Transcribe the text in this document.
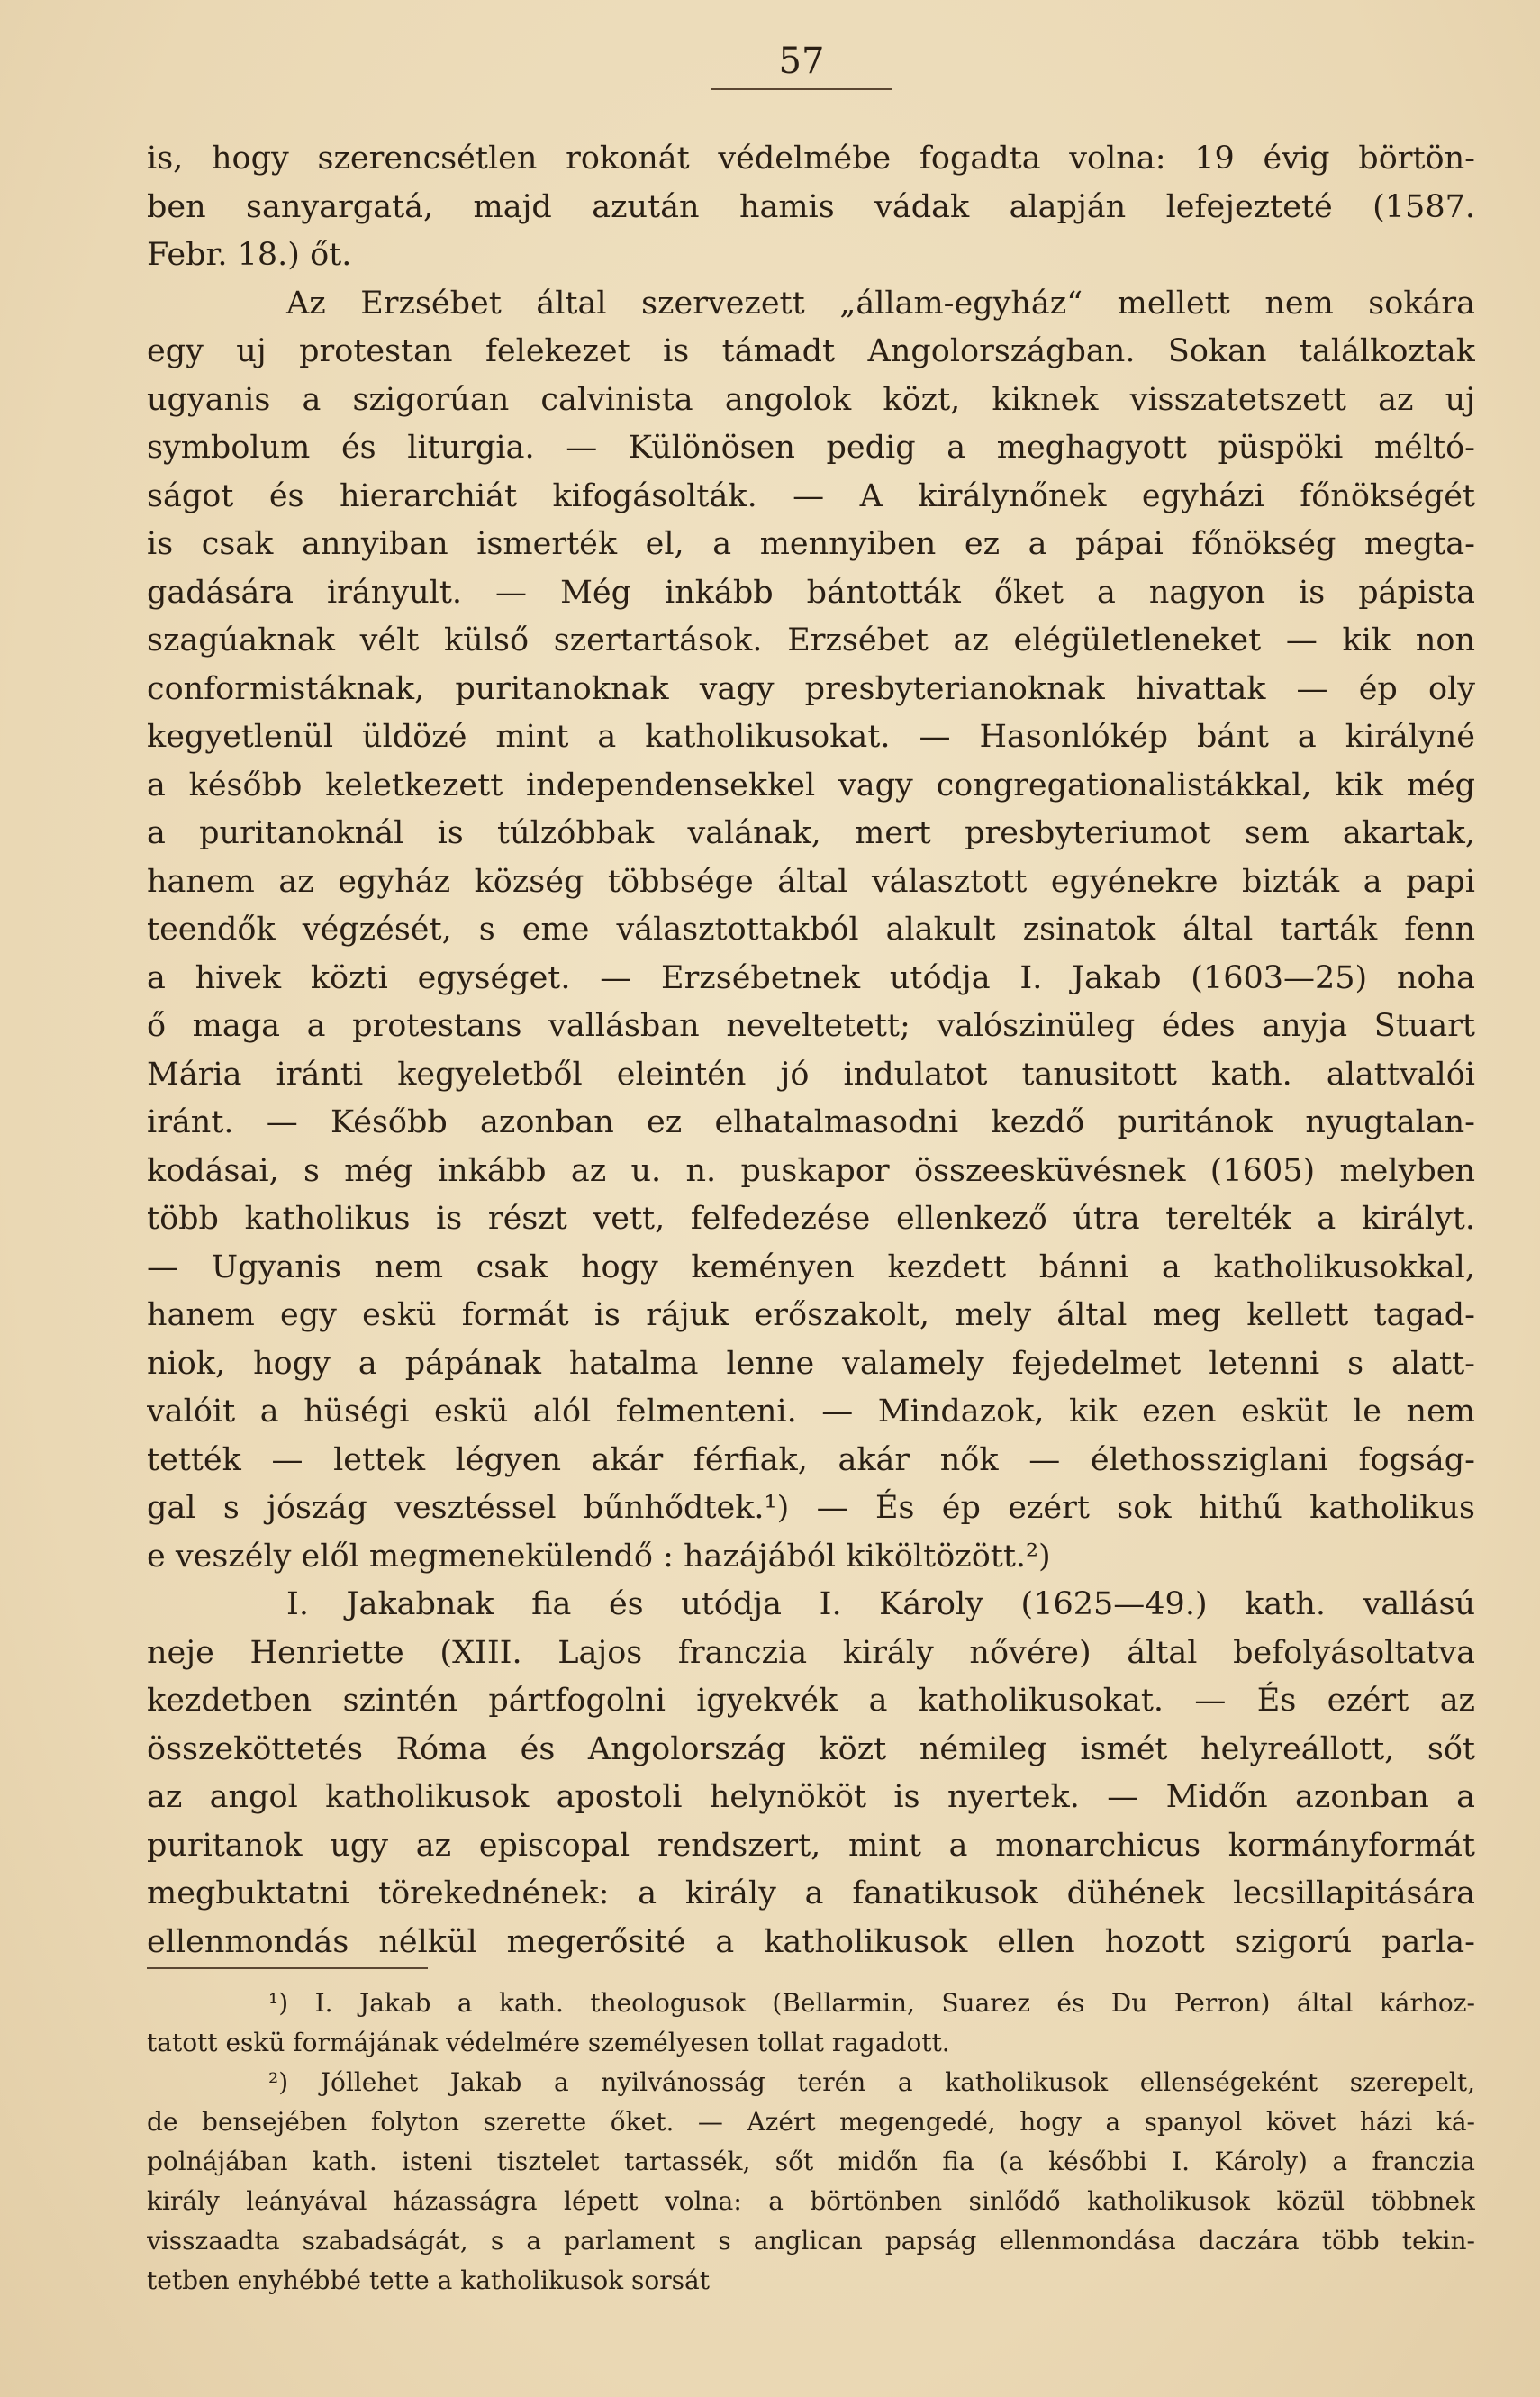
57
is, hogy szerencsétlen rokonát védelmébe fogadta volna: 19 évig börtön-
ben sanyargatá, majd azután hamis vádak alapján lefejezteté (1587.
Febr. 18.) őt.
Az Erzsébet által szervezett „állam-egyház“ mellett nem sokára
egy uj protestan felekezet is támadt Angolországban. Sokan találkoztak
ugyanis a szigorúan calvinista angolok közt, kiknek visszatetszett az uj
symbolum és liturgia. — Különösen pedig a meghagyott püspöki méltó-
ságot és hierarchiát kifogásolták. — A királynőnek egyházi főnökségét
is csak annyiban ismerték el, a mennyiben ez a pápai főnökség megta-
gadására irányult. — Még inkább bántották őket a nagyon is pápista
szagúaknak vélt külső szertartások. Erzsébet az elégületleneket — kik non
conformistáknak, puritanoknak vagy presbyterianoknak hivattak — ép oly
kegyetlenül üldözé mint a katholikusokat. — Hasonlókép bánt a királyné
a később keletkezett independensekkel vagy congregationalistákkal, kik még
a puritanoknál is túlzóbbak valának, mert presbyteriumot sem akartak,
hanem az egyház község többsége által választott egyénekre bizták a papi
teendők végzését, s eme választottakból alakult zsinatok által tarták fenn
a hivek közti egységet. — Erzsébetnek utódja I. Jakab (1603—25) noha
ő maga a protestans vallásban neveltetett; valószinüleg édes anyja Stuart
Mária iránti kegyeletből eleintén jó indulatot tanusitott kath. alattvalói
iránt. — Később azonban ez elhatalmasodni kezdő puritánok nyugtalan-
kodásai, s még inkább az u. n. puskapor összeesküvésnek (1605) melyben
több katholikus is részt vett, felfedezése ellenkező útra terelték a királyt.
— Ugyanis nem csak hogy keményen kezdett bánni a katholikusokkal,
hanem egy eskü formát is rájuk erőszakolt, mely által meg kellett tagad-
niok, hogy a pápának hatalma lenne valamely fejedelmet letenni s alatt-
valóit a hüségi eskü alól felmenteni. — Mindazok, kik ezen esküt le nem
tették — lettek légyen akár férfiak, akár nők — élethossziglani fogság-
gal s jószág vesztéssel bűnhődtek.¹) — És ép ezért sok hithű katholikus
e veszély elől megmenekülendő : hazájából kiköltözött.²)
I. Jakabnak fia és utódja I. Károly (1625—49.) kath. vallású
neje Henriette (XIII. Lajos franczia király nővére) által befolyásoltatva
kezdetben szintén pártfogolni igyekvék a katholikusokat. — És ezért az
összeköttetés Róma és Angolország közt némileg ismét helyreállott, sőt
az angol katholikusok apostoli helynököt is nyertek. — Midőn azonban a
puritanok ugy az episcopal rendszert, mint a monarchicus kormányformát
megbuktatni törekednének: a király a fanatikusok dühének lecsillapitására
ellenmondás nélkül megerősité a katholikusok ellen hozott szigorú parla-
¹) I. Jakab a kath. theologusok (Bellarmin, Suarez és Du Perron) által kárhoz-
tatott eskü formájának védelmére személyesen tollat ragadott.
²) Jóllehet Jakab a nyilvánosság terén a katholikusok ellenségeként szerepelt,
de bensejében folyton szerette őket. — Azért megengedé, hogy a spanyol követ házi ká-
polnájában kath. isteni tisztelet tartassék, sőt midőn fia (a későbbi I. Károly) a franczia
király leányával házasságra lépett volna: a börtönben sinlődő katholikusok közül többnek
visszaadta szabadságát, s a parlament s anglican papság ellenmondása daczára több tekin-
tetben enyhébbé tette a katholikusok sorsát
